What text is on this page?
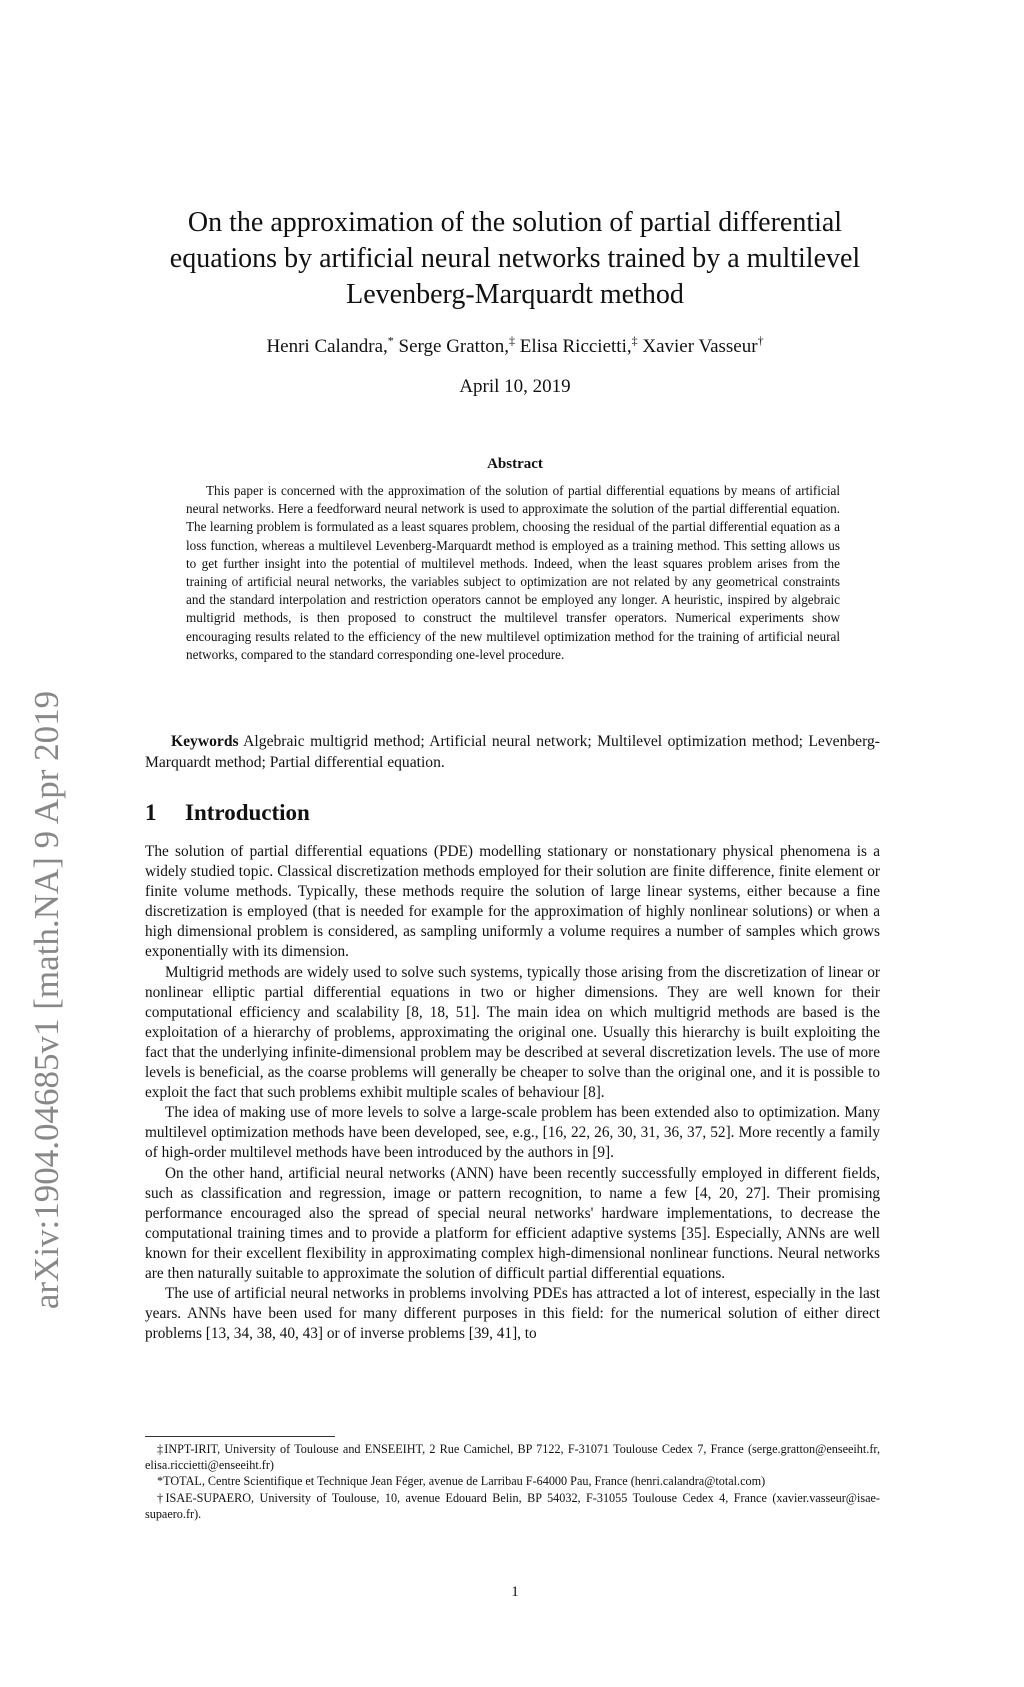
arXiv:1904.04685v1 [math.NA] 9 Apr 2019
On the approximation of the solution of partial differential equations by artificial neural networks trained by a multilevel Levenberg-Marquardt method
Henri Calandra,* Serge Gratton,‡ Elisa Riccietti,‡ Xavier Vasseur†
April 10, 2019
Abstract

This paper is concerned with the approximation of the solution of partial differential equations by means of artificial neural networks. Here a feedforward neural network is used to approximate the solution of the partial differential equation. The learning problem is formulated as a least squares problem, choosing the residual of the partial differential equation as a loss function, whereas a multilevel Levenberg-Marquardt method is employed as a training method. This setting allows us to get further insight into the potential of multilevel methods. Indeed, when the least squares problem arises from the training of artificial neural networks, the variables subject to optimization are not related by any geometrical constraints and the standard interpolation and restriction operators cannot be employed any longer. A heuristic, inspired by algebraic multigrid methods, is then proposed to construct the multilevel transfer operators. Numerical experiments show encouraging results related to the efficiency of the new multilevel optimization method for the training of artificial neural networks, compared to the standard corresponding one-level procedure.

Keywords Algebraic multigrid method; Artificial neural network; Multilevel optimization method; Levenberg-Marquardt method; Partial differential equation.

1 Introduction

The solution of partial differential equations (PDE) modelling stationary or nonstationary physical phenomena is a widely studied topic. Classical discretization methods employed for their solution are finite difference, finite element or finite volume methods. Typically, these methods require the solution of large linear systems, either because a fine discretization is employed (that is needed for example for the approximation of highly nonlinear solutions) or when a high dimensional problem is considered, as sampling uniformly a volume requires a number of samples which grows exponentially with its dimension.

Multigrid methods are widely used to solve such systems, typically those arising from the discretization of linear or nonlinear elliptic partial differential equations in two or higher dimensions. They are well known for their computational efficiency and scalability [8, 18, 51]. The main idea on which multigrid methods are based is the exploitation of a hierarchy of problems, approximating the original one. Usually this hierarchy is built exploiting the fact that the underlying infinite-dimensional problem may be described at several discretization levels. The use of more levels is beneficial, as the coarse problems will generally be cheaper to solve than the original one, and it is possible to exploit the fact that such problems exhibit multiple scales of behaviour [8].

The idea of making use of more levels to solve a large-scale problem has been extended also to optimization. Many multilevel optimization methods have been developed, see, e.g., [16, 22, 26, 30, 31, 36, 37, 52]. More recently a family of high-order multilevel methods have been introduced by the authors in [9].

On the other hand, artificial neural networks (ANN) have been recently successfully employed in different fields, such as classification and regression, image or pattern recognition, to name a few [4, 20, 27]. Their promising performance encouraged also the spread of special neural networks' hardware implementations, to decrease the computational training times and to provide a platform for efficient adaptive systems [35]. Especially, ANNs are well known for their excellent flexibility in approximating complex high-dimensional nonlinear functions. Neural networks are then naturally suitable to approximate the solution of difficult partial differential equations.

The use of artificial neural networks in problems involving PDEs has attracted a lot of interest, especially in the last years. ANNs have been used for many different purposes in this field: for the numerical solution of either direct problems [13, 34, 38, 40, 43] or of inverse problems [39, 41], to

‡INPT-IRIT, University of Toulouse and ENSEEIHT, 2 Rue Camichel, BP 7122, F-31071 Toulouse Cedex 7, France (serge.gratton@enseeiht.fr, elisa.riccietti@enseeiht.fr)

*TOTAL, Centre Scientifique et Technique Jean Féger, avenue de Larribau F-64000 Pau, France (henri.calandra@total.com)

†ISAE-SUPAERO, University of Toulouse, 10, avenue Edouard Belin, BP 54032, F-31055 Toulouse Cedex 4, France (xavier.vasseur@isae-supaero.fr).

1
